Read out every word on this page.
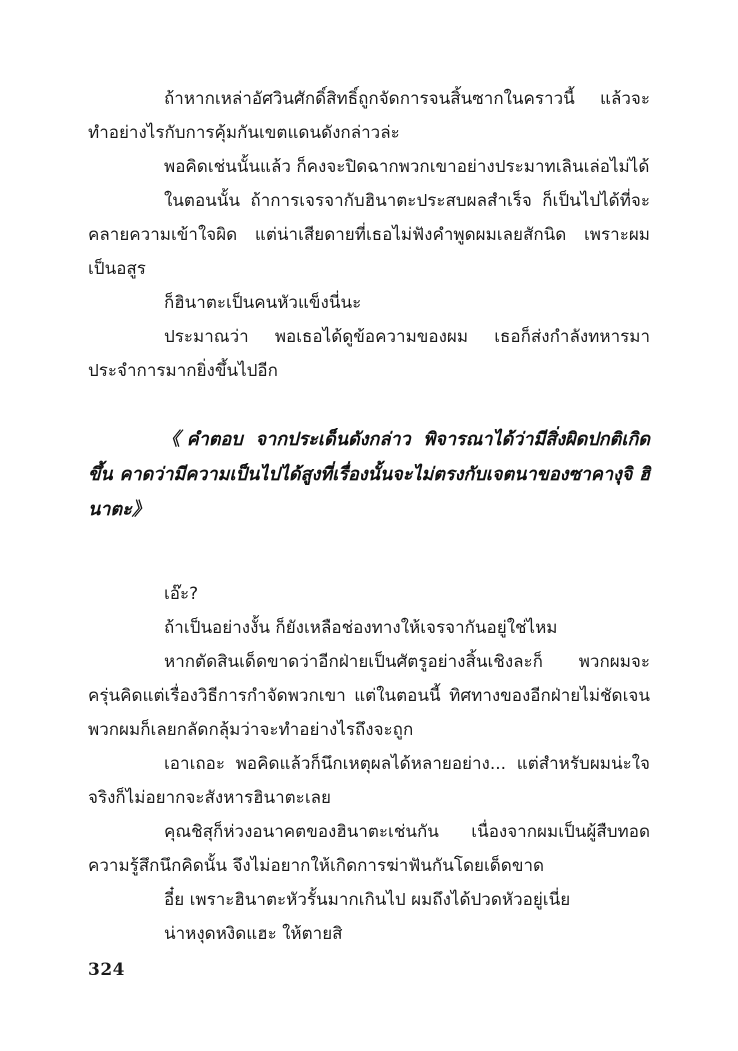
ถ้าหากเหล่าอัศวินศักดิ์สิทธิ์ถูกจัดการจนสิ้นซากในคราวนี้ แล้วจะทำอย่างไรกับการคุ้มกันเขตแดนดังกล่าวล่ะ

พอคิดเช่นนั้นแล้ว ก็คงจะปิดฉากพวกเขาอย่างประมาทเลินเล่อไม่ได้

ในตอนนั้น ถ้าการเจรจากับฮินาตะประสบผลสำเร็จ ก็เป็นไปได้ที่จะคลายความเข้าใจผิด แต่น่าเสียดายที่เธอไม่ฟังคำพูดผมเลยสักนิด เพราะผมเป็นอสูร

ก็ฮินาตะเป็นคนหัวแข็งนี่นะ

ประมาณว่า พอเธอได้ดูข้อความของผม เธอก็ส่งกำลังทหารมาประจำการมากยิ่งขึ้นไปอีก

《คำตอบ จากประเด็นดังกล่าว พิจารณาได้ว่ามีสิ่งผิดปกติเกิดขึ้น คาดว่ามีความเป็นไปได้สูงที่เรื่องนั้นจะไม่ตรงกับเจตนาของซาคางุจิ ฮินาตะ》

เอ๊ะ?

ถ้าเป็นอย่างงั้น ก็ยังเหลือช่องทางให้เจรจากันอยู่ใช่ไหม

หากตัดสินเด็ดขาดว่าอีกฝ่ายเป็นศัตรูอย่างสิ้นเชิงละก็ พวกผมจะครุ่นคิดแต่เรื่องวิธีการกำจัดพวกเขา แต่ในตอนนี้ ทิศทางของอีกฝ่ายไม่ชัดเจน พวกผมก็เลยกลัดกลุ้มว่าจะทำอย่างไรถึงจะถูก

เอาเถอะ พอคิดแล้วก็นึกเหตุผลได้หลายอย่าง... แต่สำหรับผมน่ะใจจริงก็ไม่อยากจะสังหารฮินาตะเลย

คุณชิสุก็ห่วงอนาคตของฮินาตะเช่นกัน เนื่องจากผมเป็นผู้สืบทอดความรู้สึกนึกคิดนั้น จึงไม่อยากให้เกิดการฆ่าฟันกันโดยเด็ดขาด

อี๋ย เพราะฮินาตะหัวรั้นมากเกินไป ผมถึงได้ปวดหัวอยู่เนี่ย

น่าหงุดหงิดแฮะ ให้ตายสิ

324
